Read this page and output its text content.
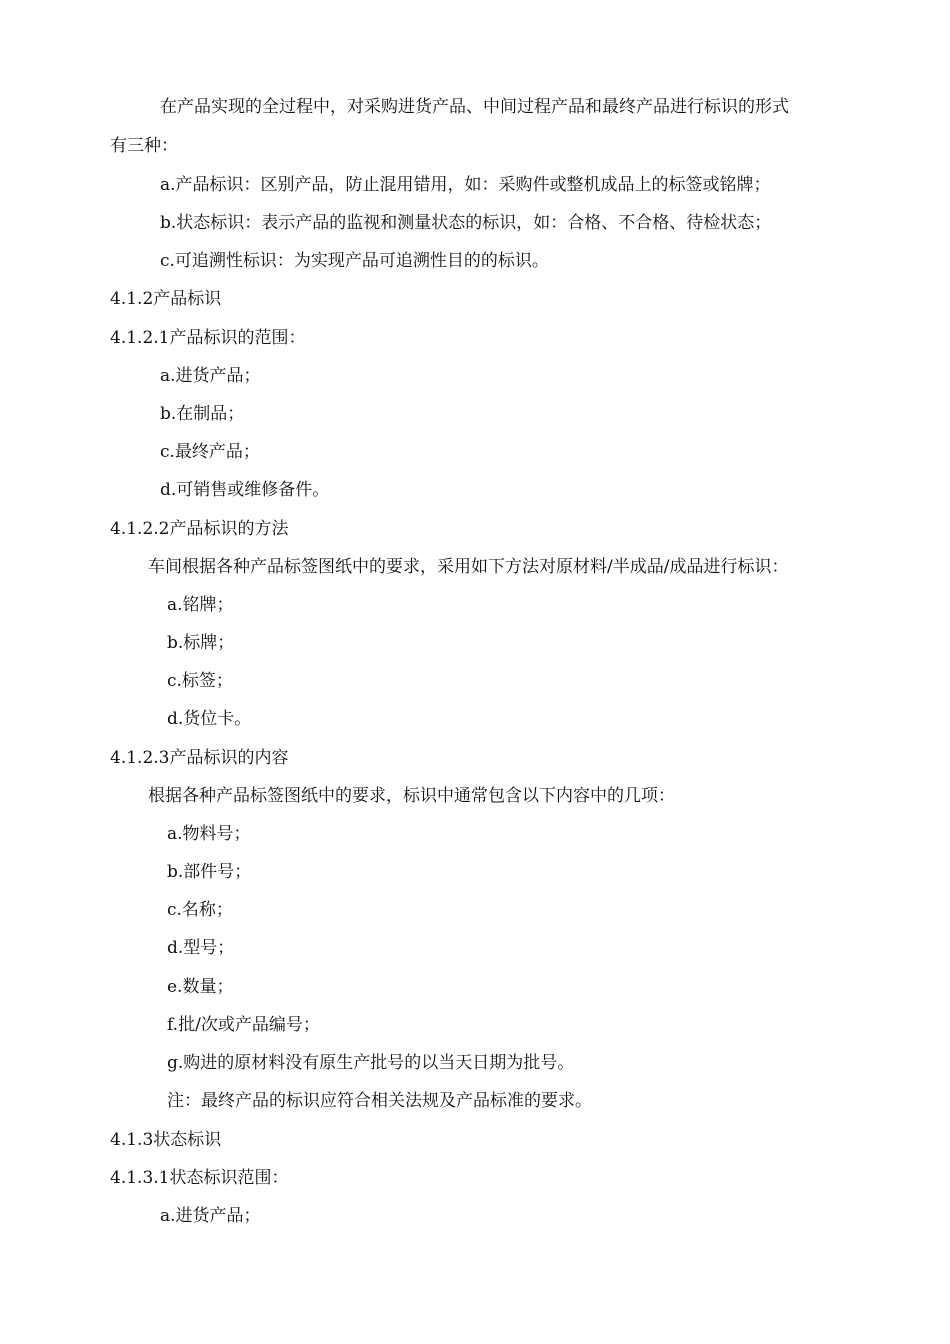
在产品实现的全过程中，对采购进货产品、中间过程产品和最终产品进行标识的形式
有三种：
a.产品标识：区别产品，防止混用错用，如：采购件或整机成品上的标签或铭牌；
b.状态标识：表示产品的监视和测量状态的标识，如：合格、不合格、待检状态；
c.可追溯性标识：为实现产品可追溯性目的的标识。
4.1.2产品标识
4.1.2.1产品标识的范围：
a.进货产品；
b.在制品；
c.最终产品；
d.可销售或维修备件。
4.1.2.2产品标识的方法
车间根据各种产品标签图纸中的要求，采用如下方法对原材料/半成品/成品进行标识：
a.铭牌；
b.标牌；
c.标签；
d.货位卡。
4.1.2.3产品标识的内容
根据各种产品标签图纸中的要求，标识中通常包含以下内容中的几项：
a.物料号；
b.部件号；
c.名称；
d.型号；
e.数量；
f.批/次或产品编号；
g.购进的原材料没有原生产批号的以当天日期为批号。
注：最终产品的标识应符合相关法规及产品标准的要求。
4.1.3状态标识
4.1.3.1状态标识范围：
a.进货产品；
